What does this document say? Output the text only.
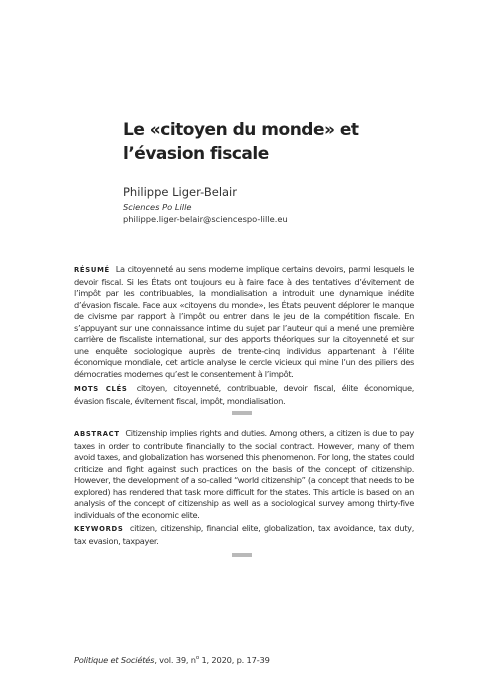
Le «citoyen du monde» et l’évasion fiscale
Philippe Liger-Belair
Sciences Po Lille
philippe.liger-belair@sciencespo-lille.eu

RÉSUMÉ La citoyenneté au sens moderne implique certains devoirs, parmi lesquels le devoir fiscal. Si les États ont toujours eu à faire face à des tentatives d’évitement de l’impôt par les contribuables, la mondialisation a introduit une dynamique inédite d’évasion fiscale. Face aux «citoyens du monde», les États peuvent déplorer le manque de civisme par rapport à l’impôt ou entrer dans le jeu de la compétition fiscale. En s’appuyant sur une connaissance intime du sujet par l’auteur qui a mené une première carrière de fiscaliste international, sur des apports théoriques sur la citoyenneté et sur une enquête sociologique auprès de trente-cinq individus appartenant à l’élite économique mondiale, cet article analyse le cercle vicieux qui mine l’un des piliers des démocraties modernes qu’est le consentement à l’impôt.

MOTS CLÉS citoyen, citoyenneté, contribuable, devoir fiscal, élite économique, évasion fiscale, évitement fiscal, impôt, mondialisation.

ABSTRACT Citizenship implies rights and duties. Among others, a citizen is due to pay taxes in order to contribute financially to the social contract. However, many of them avoid taxes, and globalization has worsened this phenomenon. For long, the states could criticize and fight against such practices on the basis of the concept of citizenship. However, the development of a so-called “world citizenship” (a concept that needs to be explored) has rendered that task more difficult for the states. This article is based on an analysis of the concept of citizenship as well as a sociological survey among thirty-five individuals of the economic elite.

KEYWORDS citizen, citizenship, financial elite, globalization, tax avoidance, tax duty, tax evasion, taxpayer.

Politique et Sociétés, vol. 39, $n^o$ 1, 2020, p. 17-39
